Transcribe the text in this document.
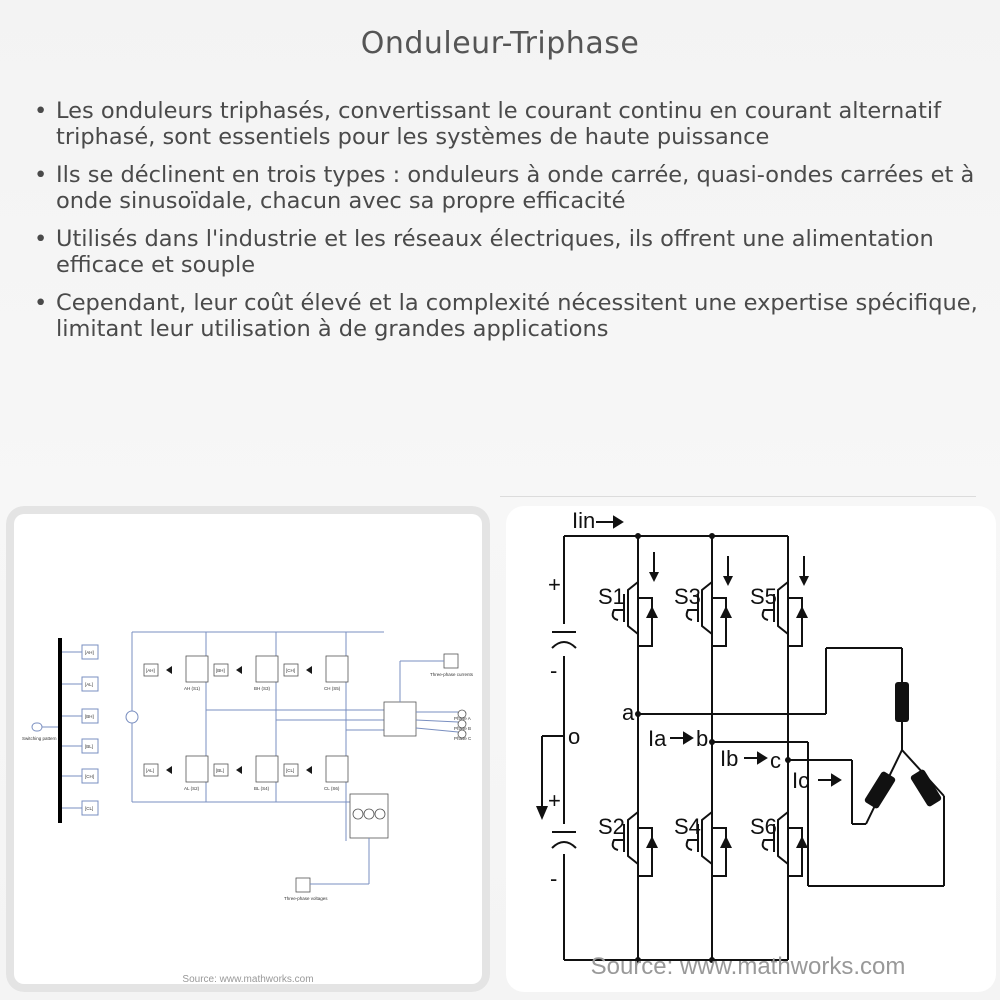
Onduleur-Triphase
• Les onduleurs triphasés, convertissant le courant continu en courant alternatif triphasé, sont essentiels pour les systèmes de haute puissance
• Ils se déclinent en trois types : onduleurs à onde carrée, quasi-ondes carrées et à onde sinusoïdale, chacun avec sa propre efficacité
• Utilisés dans l'industrie et les réseaux électriques, ils offrent une alimentation efficace et souple
• Cependant, leur coût élevé et la complexité nécessitent une expertise spécifique, limitant leur utilisation à de grandes applications
Switching pattern
[AH]
[AL]
[BH]
[BL]
[CH]
[CL]
[AH]	[BH]	[CH]
[AL]	[BL]	[CL]
AH (S1)	BH (S3)	CH (S5)
AL (S2)	BL (S4)	CL (S6)
Three-phase currents
Three-phase voltages
Phase A
Phase B
Phase C
Source: www.mathworks.com
Iin
S1 S3 S5
S2 S4 S6
a
b
c
o	Ia
Ib
Ic
+
-
+
-
Source: www.mathworks.com
